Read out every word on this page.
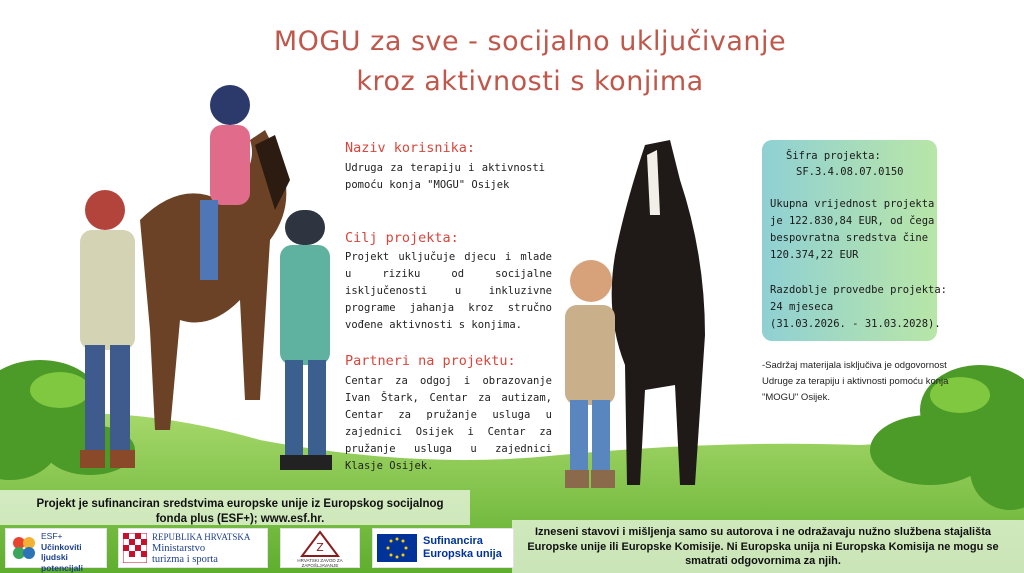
MOGU za sve - socijalno uključivanje
kroz aktivnosti s konjima
Naziv korisnika:
Udruga za terapiju i aktivnosti pomoću konja "MOGU" Osijek
Cilj projekta:
Projekt uključuje djecu i mlade u riziku od socijalne isključenosti u inkluzivne programe jahanja kroz stručno vođene aktivnosti s konjima.
Partneri na projektu:
Centar za odgoj i obrazovanje Ivan Štark, Centar za autizam, Centar za pružanje usluga u zajednici Osijek i Centar za pružanje usluga u zajednici Klasje Osijek.
Šifra projekta:
SF.3.4.08.07.0150
Ukupna vrijednost projekta
je 122.830,84 EUR, od čega
bespovratna sredstva čine
120.374,22 EUR
Razdoblje provedbe projekta:
24 mjeseca
(31.03.2026. - 31.03.2028).
-Sadržaj materijala isključiva je odgovornost Udruge za terapiju i aktivnosti pomoću konja "MOGU" Osijek.
Projekt je sufinanciran sredstvima europske unije iz Europskog socijalnog fonda plus (ESF+); www.esf.hr.
Izneseni stavovi i mišljenja samo su autorova i ne odražavaju nužno službena stajališta Europske unije ili Europske Komisije. Ni Europska unija ni Europska Komisija ne mogu se smatrati odgovornima za njih.
ESF+
Učinkoviti ljudski
potencijali
REPUBLIKA HRVATSKA
Ministarstvo
turizma i sporta
Z
HRVATSKI ZAVOD ZA ZAPOŠLJAVANJE
Sufinancira
Europska unija
